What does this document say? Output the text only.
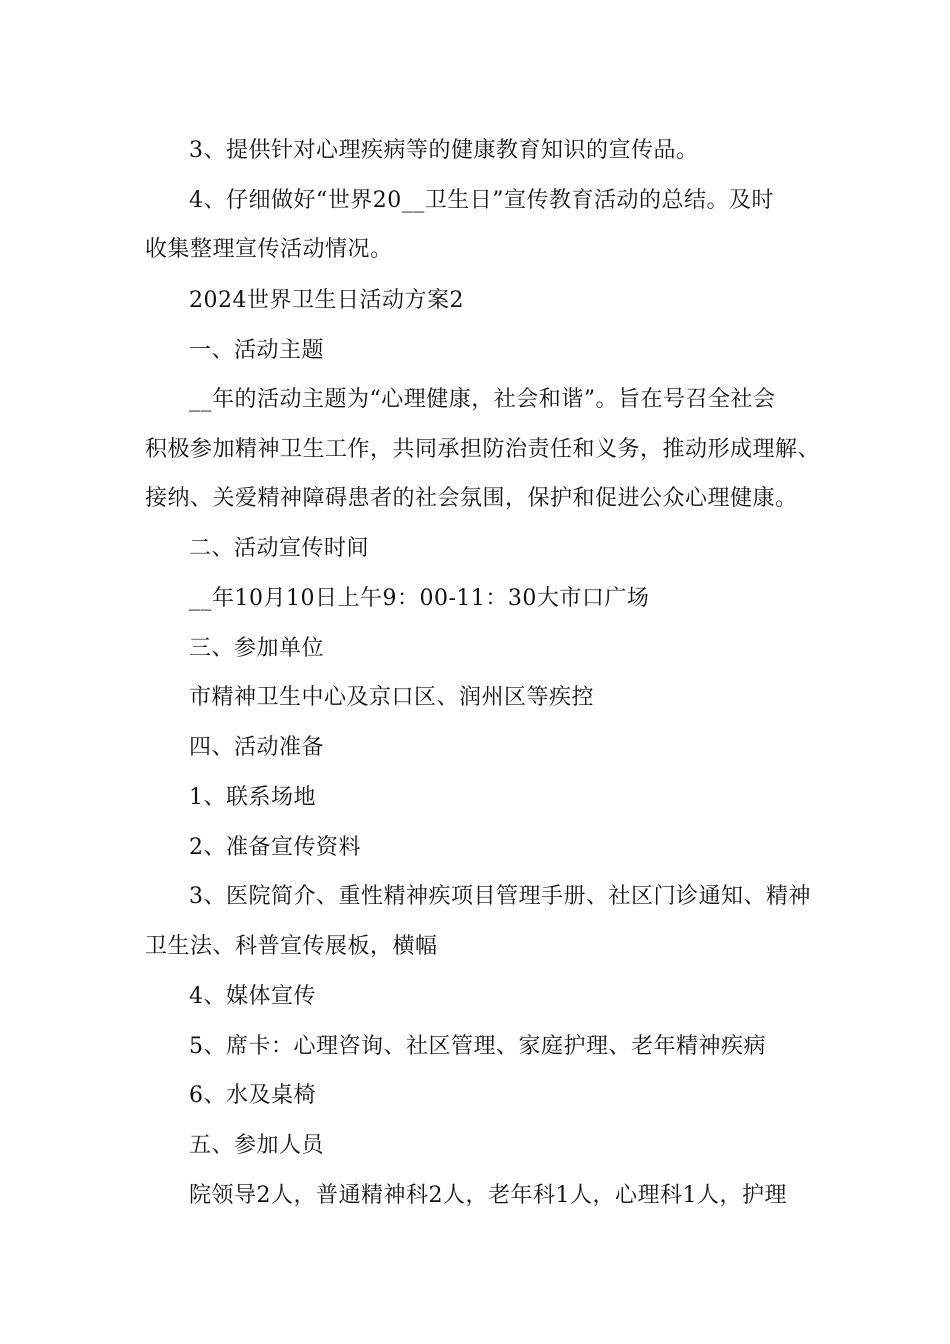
3、提供针对心理疾病等的健康教育知识的宣传品。
4、仔细做好“世界20__卫生日”宣传教育活动的总结。及时
收集整理宣传活动情况。
2024世界卫生日活动方案2
一、活动主题
__年的活动主题为“心理健康，社会和谐”。旨在号召全社会
积极参加精神卫生工作，共同承担防治责任和义务，推动形成理解、
接纳、关爱精神障碍患者的社会氛围，保护和促进公众心理健康。
二、活动宣传时间
__年10月10日上午9：00-11：30大市口广场
三、参加单位
市精神卫生中心及京口区、润州区等疾控
四、活动准备
1、联系场地
2、准备宣传资料
3、医院简介、重性精神疾项目管理手册、社区门诊通知、精神
卫生法、科普宣传展板，横幅
4、媒体宣传
5、席卡：心理咨询、社区管理、家庭护理、老年精神疾病
6、水及桌椅
五、参加人员
院领导2人，普通精神科2人，老年科1人，心理科1人，护理
